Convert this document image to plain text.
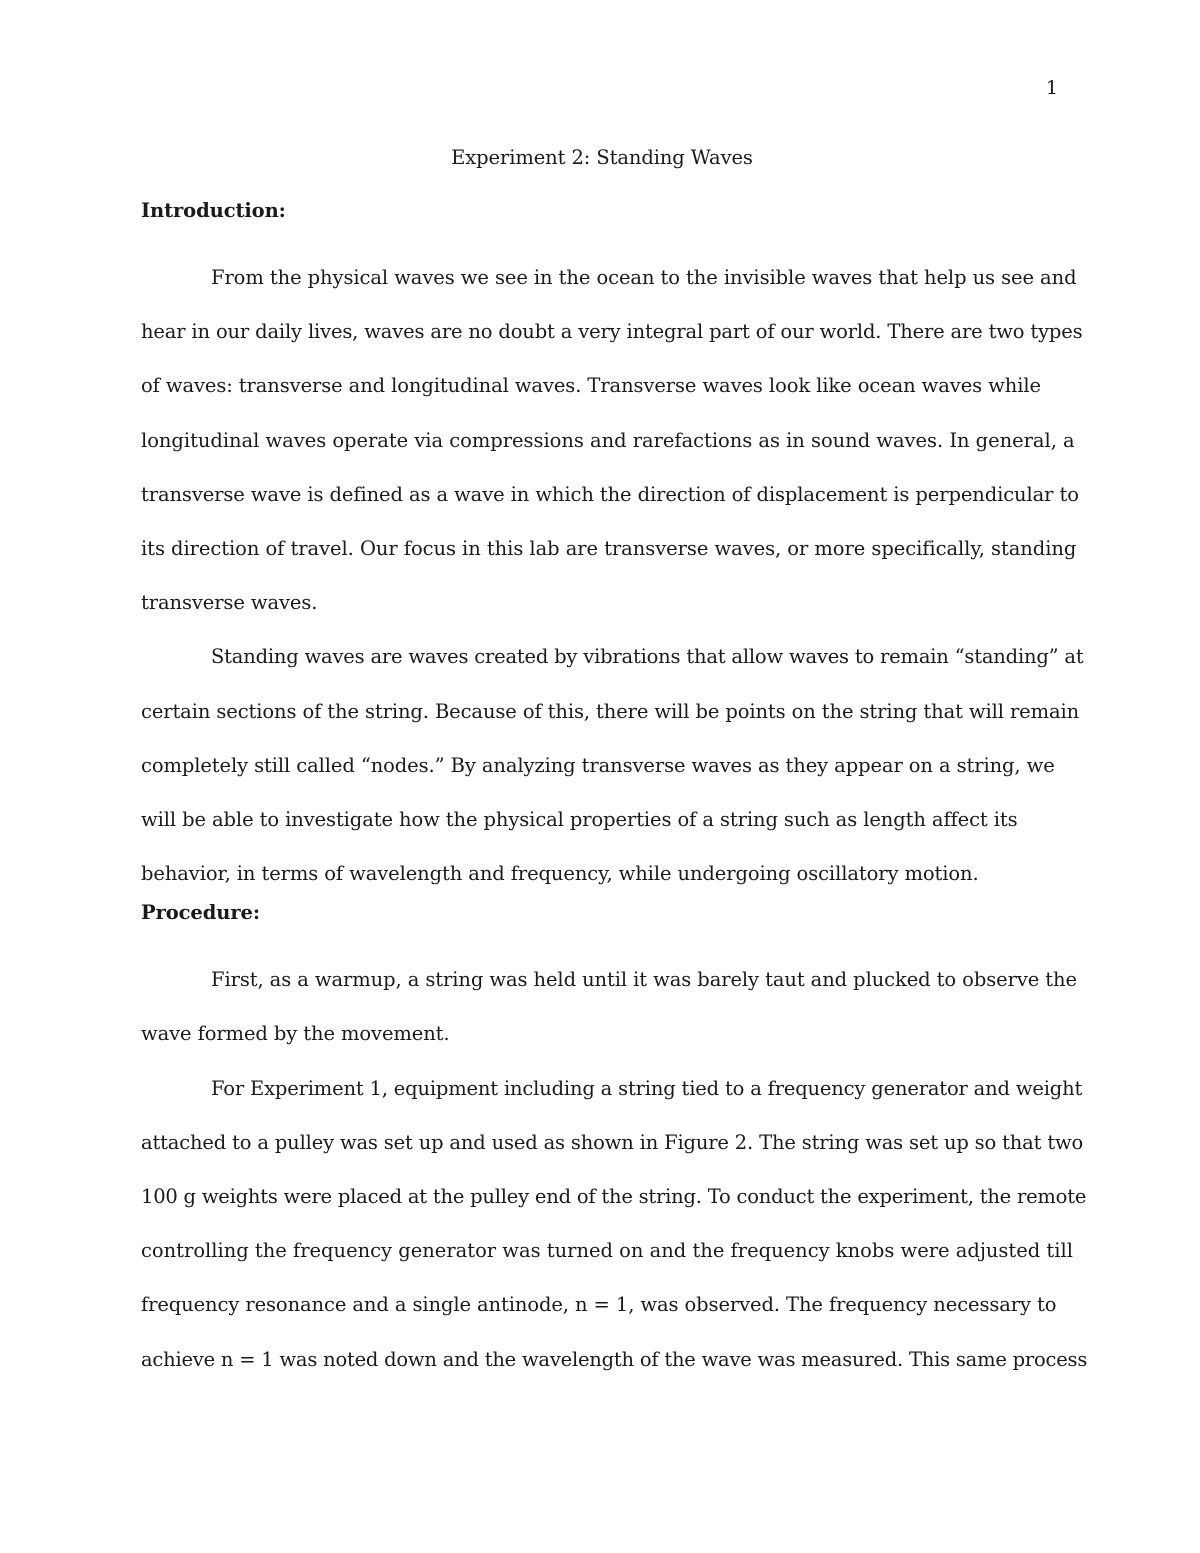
1
Experiment 2: Standing Waves
Introduction:
From the physical waves we see in the ocean to the invisible waves that help us see and
hear in our daily lives, waves are no doubt a very integral part of our world. There are two types
of waves: transverse and longitudinal waves. Transverse waves look like ocean waves while
longitudinal waves operate via compressions and rarefactions as in sound waves. In general, a
transverse wave is defined as a wave in which the direction of displacement is perpendicular to
its direction of travel. Our focus in this lab are transverse waves, or more specifically, standing
transverse waves.
Standing waves are waves created by vibrations that allow waves to remain “standing” at
certain sections of the string. Because of this, there will be points on the string that will remain
completely still called “nodes.” By analyzing transverse waves as they appear on a string, we
will be able to investigate how the physical properties of a string such as length affect its
behavior, in terms of wavelength and frequency, while undergoing oscillatory motion.
Procedure:
First, as a warmup, a string was held until it was barely taut and plucked to observe the
wave formed by the movement.
For Experiment 1, equipment including a string tied to a frequency generator and weight
attached to a pulley was set up and used as shown in Figure 2. The string was set up so that two
100 g weights were placed at the pulley end of the string. To conduct the experiment, the remote
controlling the frequency generator was turned on and the frequency knobs were adjusted till
frequency resonance and a single antinode, n = 1, was observed. The frequency necessary to
achieve n = 1 was noted down and the wavelength of the wave was measured. This same process
